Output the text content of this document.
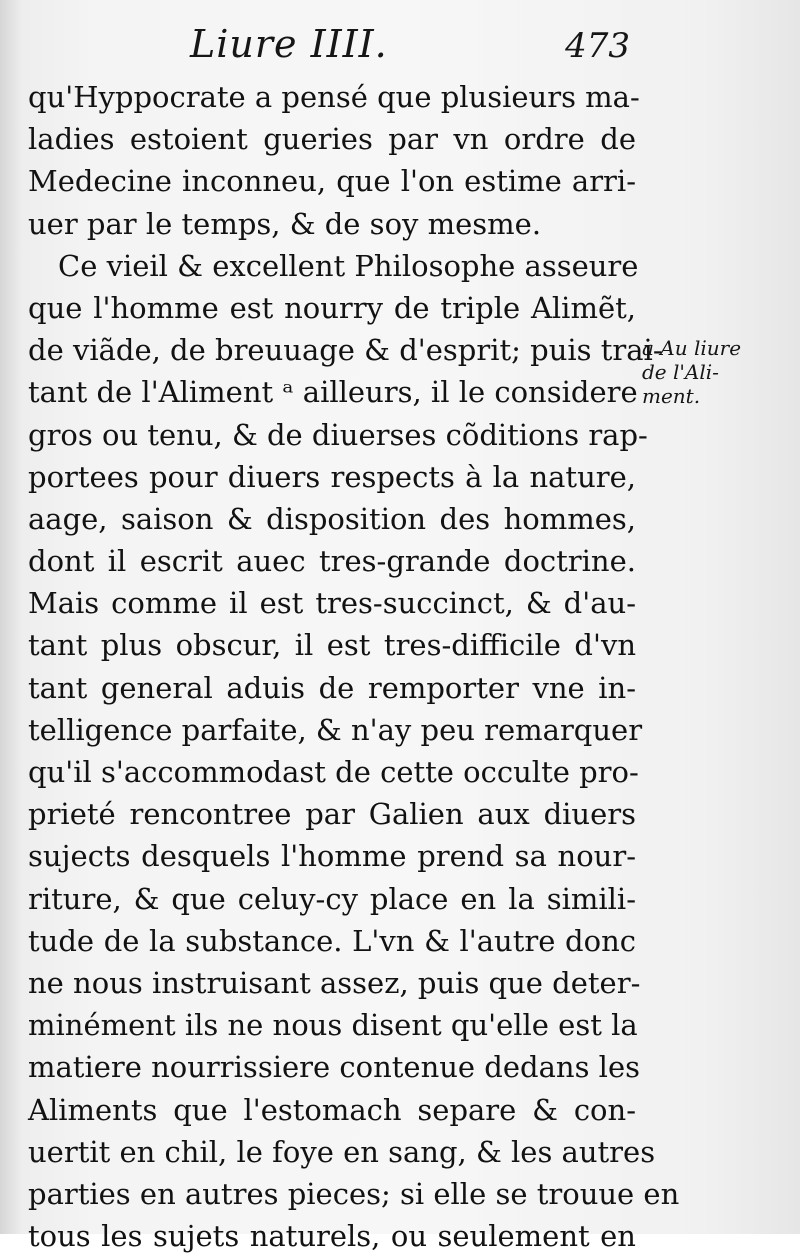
Liure IIII.	473
qu'Hyppocrate a pensé que plusieurs ma-
ladies estoient gueries par vn ordre de
Medecine inconneu, que l'on estime arri-
uer par le temps, & de soy mesme.
Ce vieil & excellent Philosophe asseure
que l'homme est nourry de triple Alimẽt,
de viãde, de breuuage & d'esprit; puis trai-
tant de l'Aliment ᵃ ailleurs, il le considere
gros ou tenu, & de diuerses cõditions rap-
portees pour diuers respects à la nature,
aage, saison & disposition des hommes,
dont il escrit auec tres-grande doctrine.
Mais comme il est tres-succinct, & d'au-
tant plus obscur, il est tres-difficile d'vn
tant general aduis de remporter vne in-
telligence parfaite, & n'ay peu remarquer
qu'il s'accommodast de cette occulte pro-
prieté rencontree par Galien aux diuers
sujects desquels l'homme prend sa nour-
riture, & que celuy-cy place en la simili-
tude de la substance. L'vn & l'autre donc
ne nous instruisant assez, puis que deter-
minément ils ne nous disent qu'elle est la
matiere nourrissiere contenue dedans les
Aliments que l'estomach separe & con-
uertit en chil, le foye en sang, & les autres
parties en autres pieces; si elle se trouue en
tous les sujets naturels, ou seulement en
a Au liure
de l'Ali-
ment.
